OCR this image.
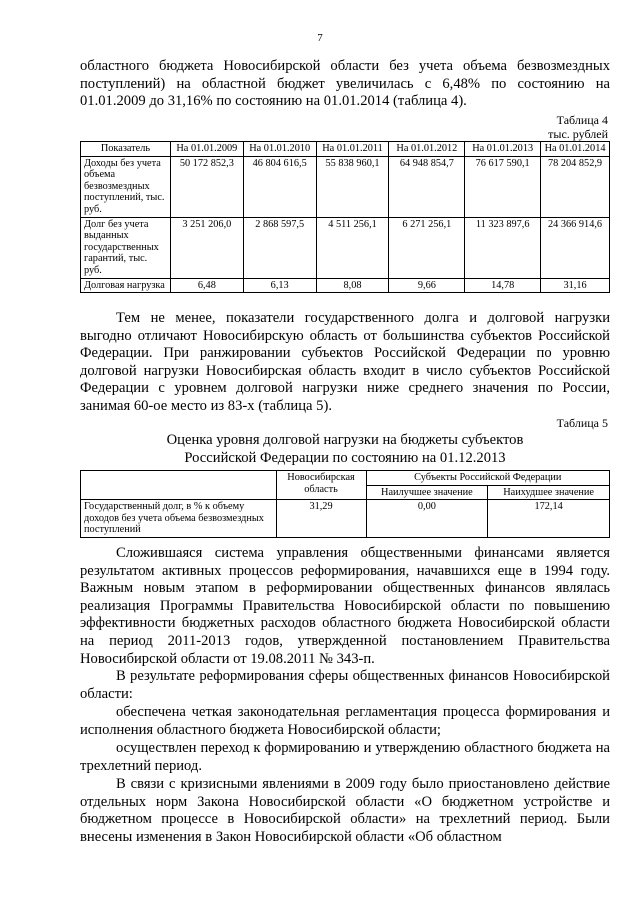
7

областного бюджета Новосибирской области без учета объема безвозмездных поступлений) на областной бюджет увеличилась с 6,48% по состоянию на 01.01.2009 до 31,16% по состоянию на 01.01.2014 (таблица 4).

Таблица 4
тыс. рублей
Показатель	На 01.01.2009	На 01.01.2010	На 01.01.2011	На 01.01.2012	На 01.01.2013	На 01.01.2014
Доходы без учета объема безвозмездных поступлений, тыс. руб.	50 172 852,3	46 804 616,5	55 838 960,1	64 948 854,7	76 617 590,1	78 204 852,9
Долг без учета выданных государственных гарантий, тыс. руб.	3 251 206,0	2 868 597,5	4 511 256,1	6 271 256,1	11 323 897,6	24 366 914,6
Долговая нагрузка	6,48	6,13	8,08	9,66	14,78	31,16

Тем не менее, показатели государственного долга и долговой нагрузки выгодно отличают Новосибирскую область от большинства субъектов Российской Федерации. При ранжировании субъектов Российской Федерации по уровню долговой нагрузки Новосибирская область входит в число субъектов Российской Федерации с уровнем долговой нагрузки ниже среднего значения по России, занимая 60-ое место из 83-х (таблица 5).

Таблица 5

Оценка уровня долговой нагрузки на бюджеты субъектов

Российской Федерации по состоянию на 01.12.2013

	Новосибирская область	Субъекты Российской Федерации	
		Наилучшее значение	Наихудшее значение
Государственный долг, в % к объему доходов без учета объема безвозмездных поступлений	31,29	0,00	172,14

Сложившаяся система управления общественными финансами является результатом активных процессов реформирования, начавшихся еще в 1994 году. Важным новым этапом в реформировании общественных финансов являлась реализация Программы Правительства Новосибирской области по повышению эффективности бюджетных расходов областного бюджета Новосибирской области на период 2011-2013 годов, утвержденной постановлением Правительства Новосибирской области от 19.08.2011 № 343-п.

В результате реформирования сферы общественных финансов Новосибирской области:

обеспечена четкая законодательная регламентация процесса формирования и исполнения областного бюджета Новосибирской области;

осуществлен переход к формированию и утверждению областного бюджета на трехлетний период.

В связи с кризисными явлениями в 2009 году было приостановлено действие отдельных норм Закона Новосибирской области «О бюджетном устройстве и бюджетном процессе в Новосибирской области» на трехлетний период. Были внесены изменения в Закон Новосибирской области «Об областном
